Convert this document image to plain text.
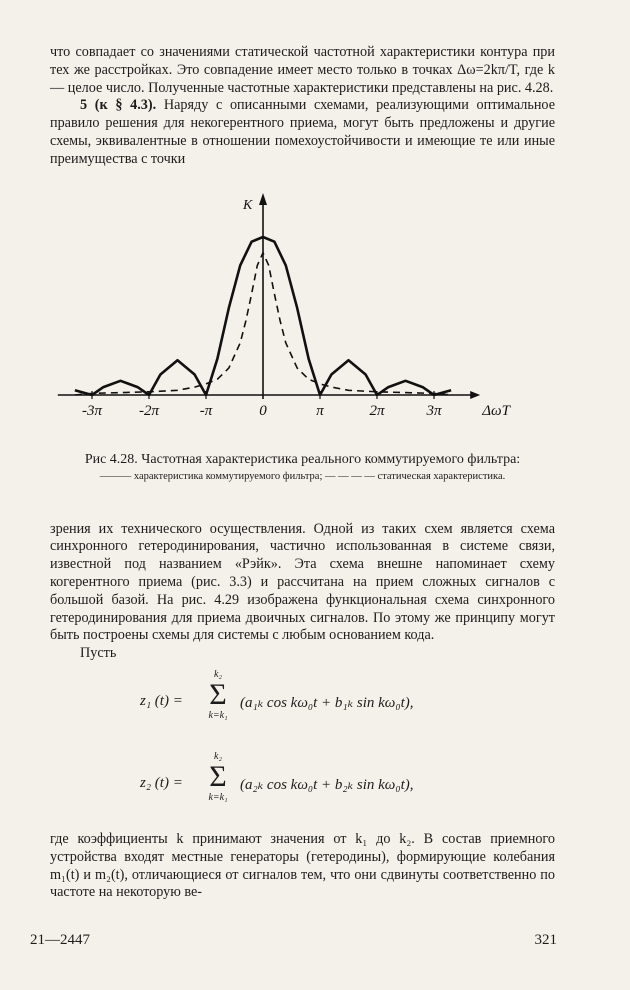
что совпадает со значениями статической частотной характеристики контура при тех же расстройках. Это совпадение имеет место только в точках Δω=2kπ/T, где k — целое число. Полученные частотные характеристики представлены на рис. 4.28.

5 (к § 4.3). Наряду с описанными схемами, реализующими оптимальное правило решения для некогерентного приема, могут быть предложены и другие схемы, эквивалентные в отношении помехоустойчивости и имеющие те или иные преимущества с точки

-3π -2π	-π	0	π	2π	3π	ΔωT
K
Рис 4.28. Частотная характеристика реального коммутируемого фильтра:
——— характеристика коммутируемого фильтра; — — — — статическая характеристика.

зрения их технического осуществления. Одной из таких схем является схема синхронного гетеродинирования, частично использованная в системе связи, известной под названием «Рэйк». Эта схема внешне напоминает схему когерентного приема (рис. 3.3) и рассчитана на прием сложных сигналов с большой базой. На рис. 4.29 изображена функциональная схема синхронного гетеродинирования для приема двоичных сигналов. По этому же принципу могут быть построены схемы для системы с любым основанием кода.

Пусть

z₁ (t) =
k₂
Σ
k=k₁
(a₁ₖ cos kω₀t + b₁ₖ sin kω₀t),
z₂ (t) =
k₂
Σ
k=k₁
(a₂ₖ cos kω₀t + b₂ₖ sin kω₀t),

где коэффициенты k принимают значения от k₁ до k₂. В состав приемного устройства входят местные генераторы (гетеродины), формирующие колебания m₁(t) и m₂(t), отличающиеся от сигналов тем, что они сдвинуты соответственно по частоте на некоторую ве-

21—2447	321
